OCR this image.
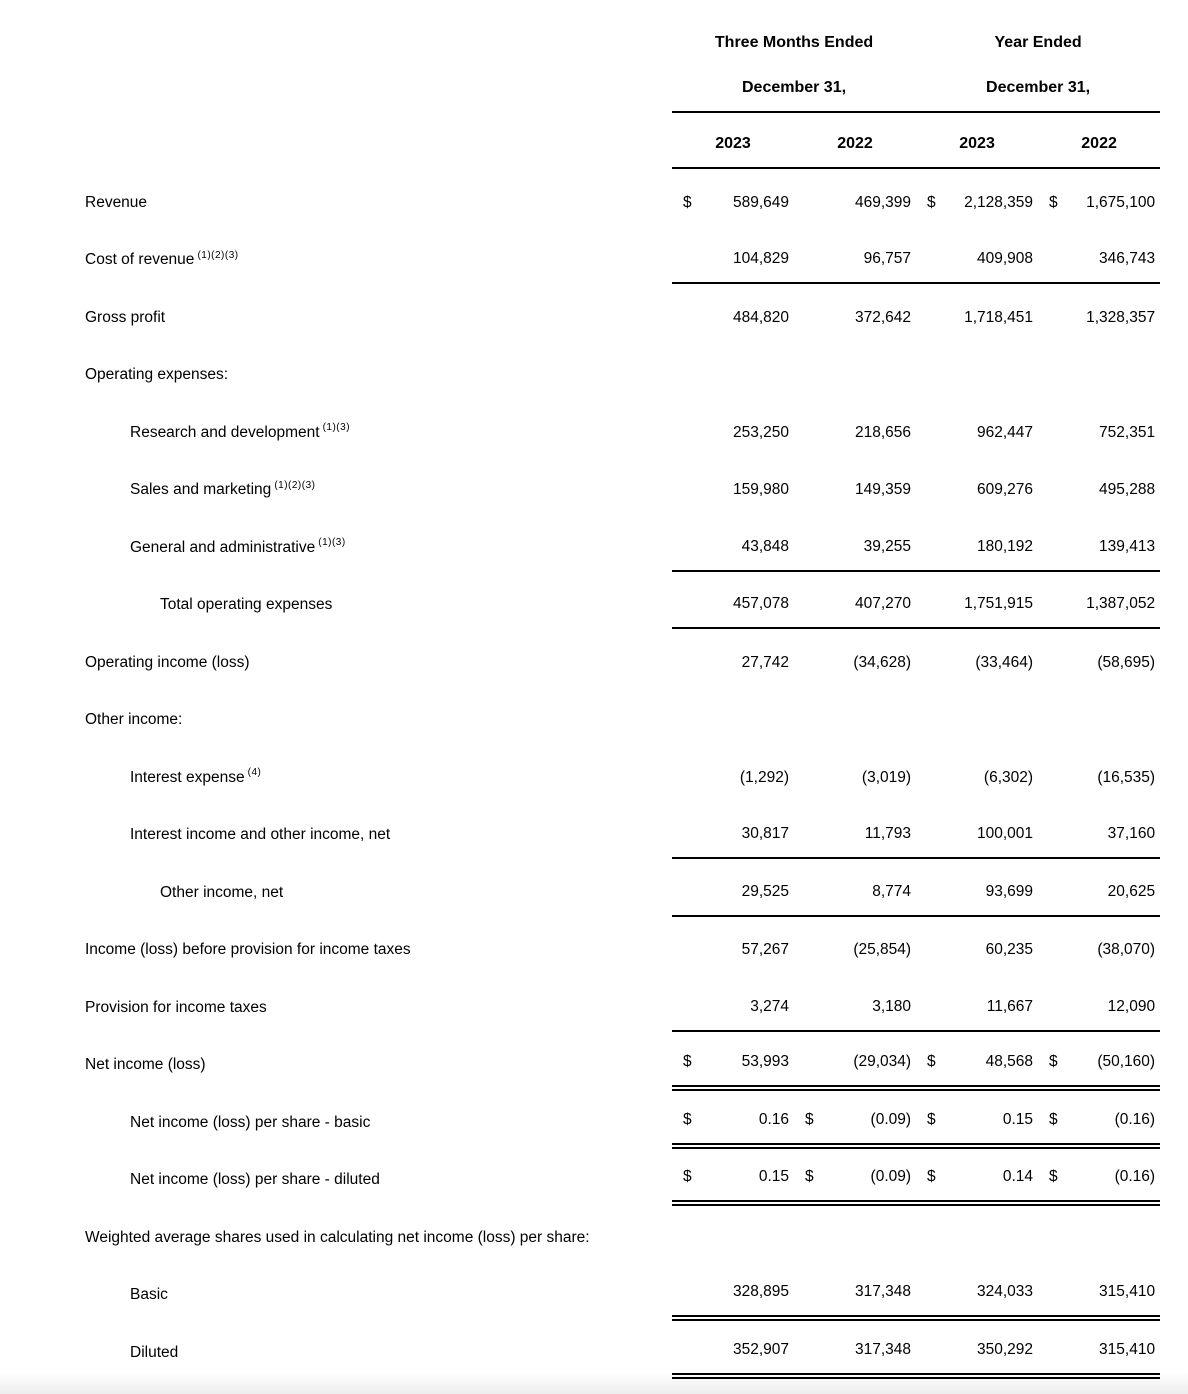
	Three Months Ended				Year Ended			
	December 31,				December 31,			
	2023		2022		2023		2022	
Revenue	$	589,649		469,399	$	2,128,359	$	1,675,100
Cost of revenue $^{(1)(2)(3)}$		104,829		96,757		409,908		346,743
Gross profit		484,820		372,642		1,718,451		1,328,357
Operating expenses:								
Research and development $^{(1)(3)}$		253,250		218,656		962,447		752,351
Sales and marketing $^{(1)(2)(3)}$		159,980		149,359		609,276		495,288
General and administrative $^{(1)(3)}$		43,848		39,255		180,192		139,413
Total operating expenses		457,078		407,270		1,751,915		1,387,052
Operating income (loss)		27,742		(34,628)		(33,464)		(58,695)
Other income:								
Interest expense $^{(4)}$		(1,292)		(3,019)		(6,302)		(16,535)
Interest income and other income, net		30,817		11,793		100,001		37,160
Other income, net		29,525		8,774		93,699		20,625
Income (loss) before provision for income taxes		57,267		(25,854)		60,235		(38,070)
Provision for income taxes		3,274		3,180		11,667		12,090
Net income (loss)	$	53,993		(29,034)	$	48,568	$	(50,160)
Net income (loss) per share - basic	$	0.16	$	(0.09)	$	0.15	$	(0.16)
Net income (loss) per share - diluted	$	0.15	$	(0.09)	$	0.14	$	(0.16)
Weighted average shares used in calculating net income (loss) per share:								
Basic		328,895		317,348		324,033		315,410
Diluted		352,907		317,348		350,292		315,410
